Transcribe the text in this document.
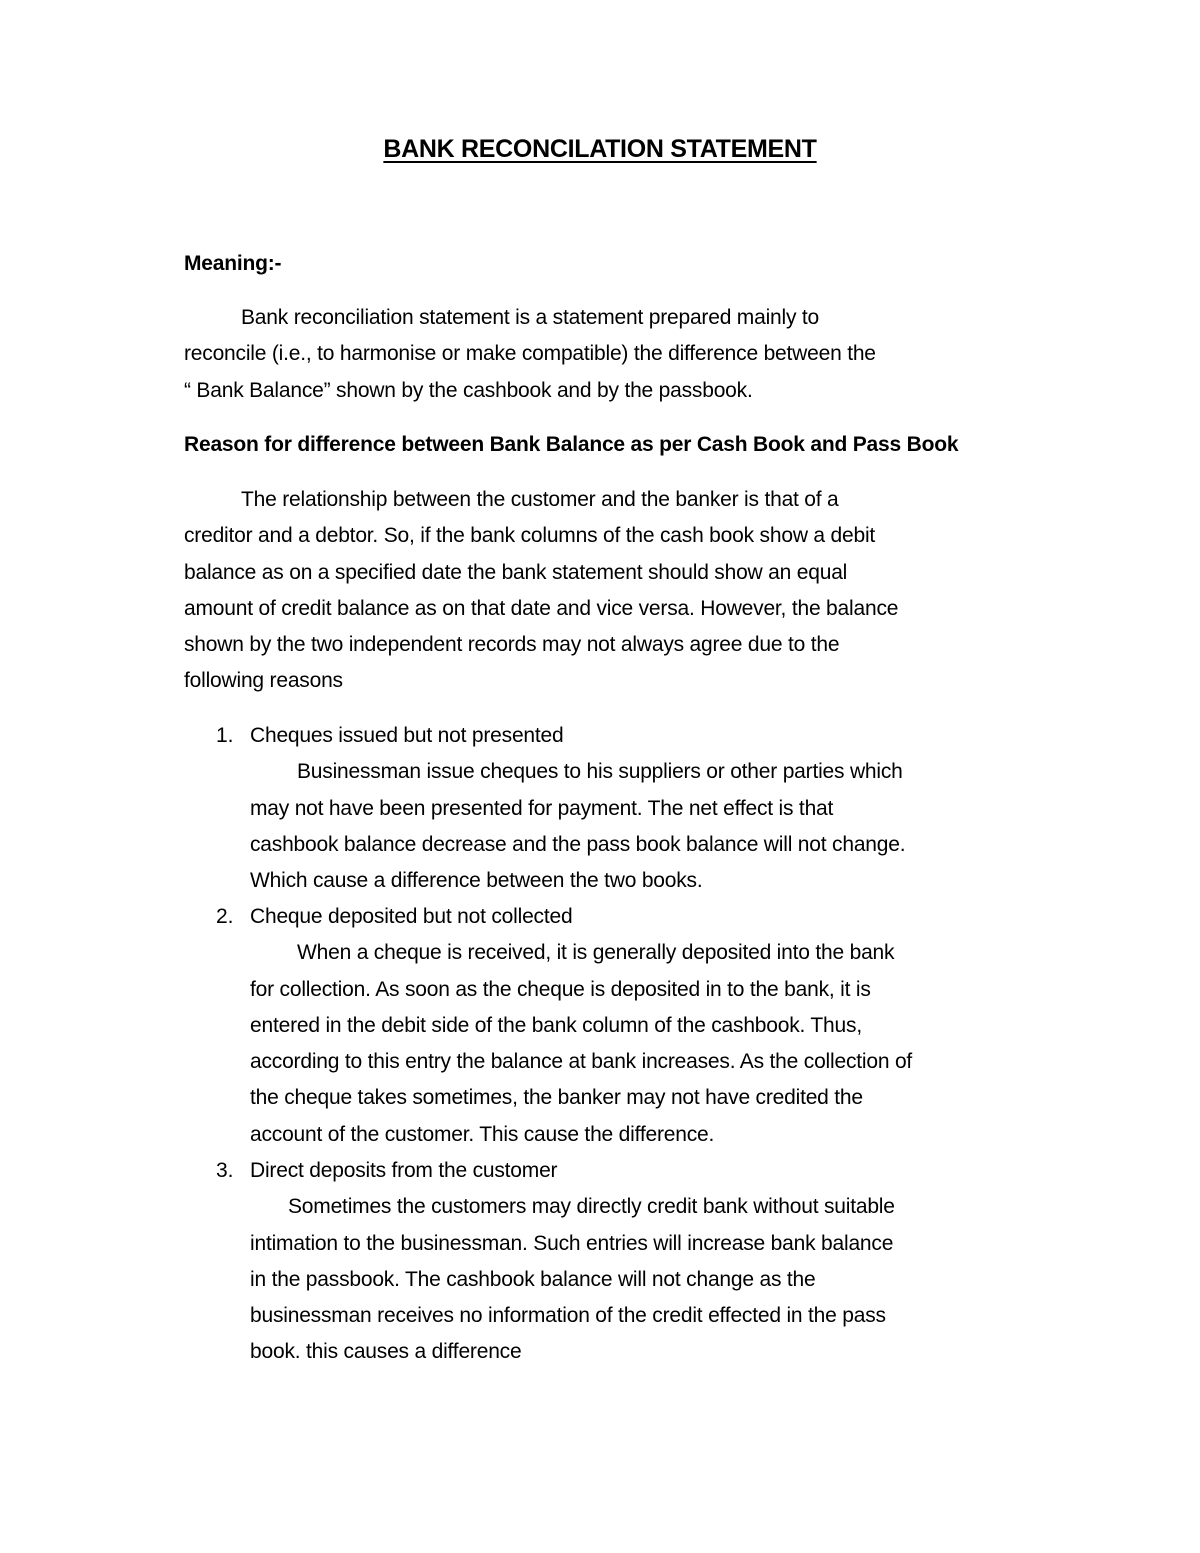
BANK RECONCILATION STATEMENT
Meaning:-
Bank reconciliation statement is a statement prepared mainly to
reconcile (i.e., to harmonise or make compatible) the difference between the
“ Bank Balance” shown by the cashbook and by the passbook.
Reason for difference between Bank Balance as per Cash Book and Pass Book
The relationship between the customer and the banker is that of a
creditor and a debtor. So, if the bank columns of the cash book show a debit
balance as on a specified date the bank statement should show an equal
amount of credit balance as on that date and vice versa. However, the balance
shown by the two independent records may not always agree due to the
following reasons
1. Cheques issued but not presented
Businessman issue cheques to his suppliers or other parties which
may not have been presented for payment. The net effect is that
cashbook balance decrease and the pass book balance will not change.
Which cause a difference between the two books.
2. Cheque deposited but not collected
When a cheque is received, it is generally deposited into the bank
for collection. As soon as the cheque is deposited in to the bank, it is
entered in the debit side of the bank column of the cashbook. Thus,
according to this entry the balance at bank increases. As the collection of
the cheque takes sometimes, the banker may not have credited the
account of the customer. This cause the difference.
3. Direct deposits from the customer
Sometimes the customers may directly credit bank without suitable
intimation to the businessman. Such entries will increase bank balance
in the passbook. The cashbook balance will not change as the
businessman receives no information of the credit effected in the pass
book. this causes a difference
